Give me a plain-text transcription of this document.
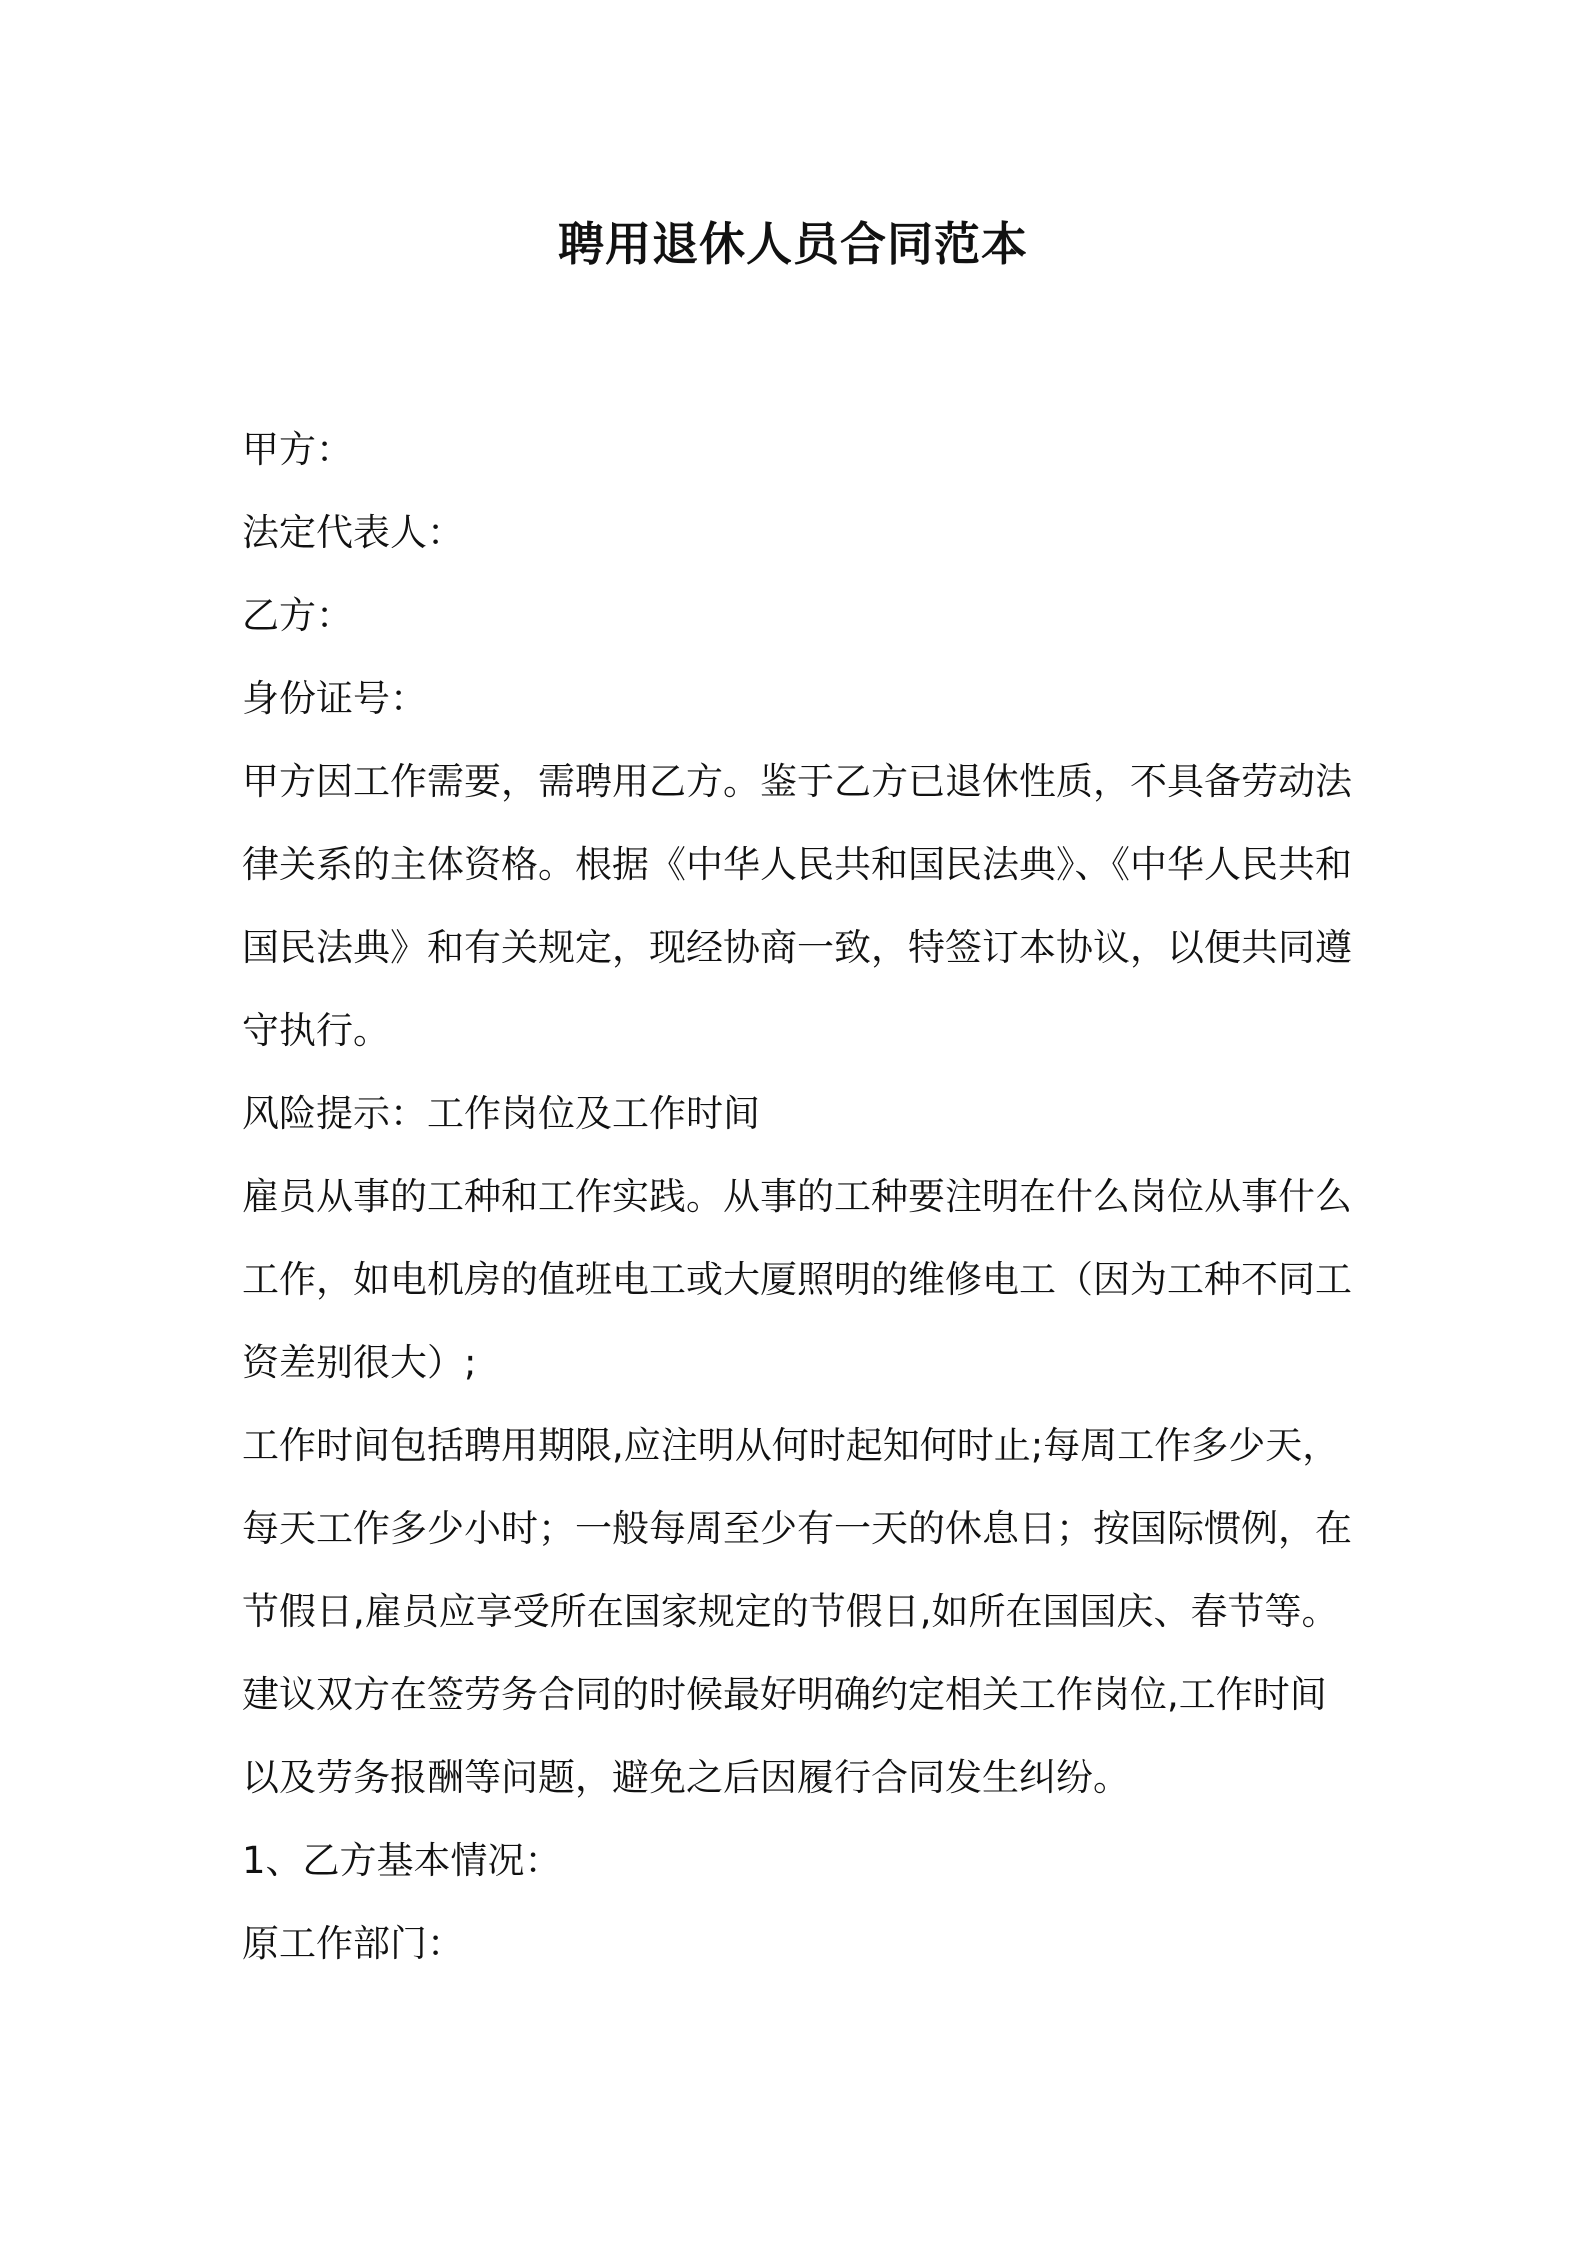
聘用退休人员合同范本
甲方：
法定代表人：
乙方：
身份证号：
甲方因工作需要，需聘用乙方。鉴于乙方已退休性质，不具备劳动法
律关系的主体资格。根据《中华人民共和国民法典》、《中华人民共和
国民法典》和有关规定，现经协商一致，特签订本协议，以便共同遵
守执行。
风险提示：工作岗位及工作时间
雇员从事的工种和工作实践。从事的工种要注明在什么岗位从事什么
工作，如电机房的值班电工或大厦照明的维修电工（因为工种不同工
资差别很大）;
工作时间包括聘用期限,应注明从何时起知何时止;每周工作多少天，
每天工作多少小时；一般每周至少有一天的休息日；按国际惯例，在
节假日,雇员应享受所在国家规定的节假日,如所在国国庆、春节等。
建议双方在签劳务合同的时候最好明确约定相关工作岗位,工作时间
以及劳务报酬等问题，避免之后因履行合同发生纠纷。
1、乙方基本情况：
原工作部门：
